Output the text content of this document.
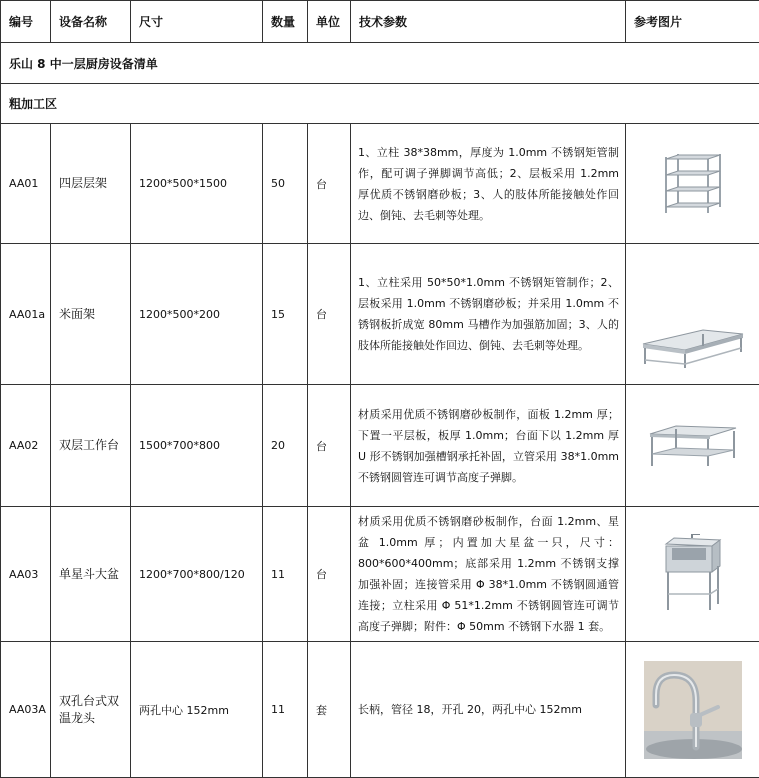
编号	设备名称	尺寸	数量	单位	技术参数	参考图片
乐山 8 中一层厨房设备清单						
粗加工区						
AA01	四层层架	1200*500*1500	50	台	1、立柱 38*38mm，厚度为 1.0mm 不锈钢矩管制作，配可调子弹脚调节高低；2、层板采用 1.2mm 厚优质不锈钢磨砂板；3、人的肢体所能接触处作回边、倒钝、去毛刺等处理。	

AA01a	米面架	1200*500*200	15	台	1、立柱采用 50*50*1.0mm 不锈钢矩管制作；2、层板采用 1.0mm 不锈钢磨砂板；并采用 1.0mm 不锈钢板折成宽 80mm 马槽作为加强筋加固；3、人的肢体所能接触处作回边、倒钝、去毛刺等处理。	

AA02	双层工作台	1500*700*800	20	台	材质采用优质不锈钢磨砂板制作，面板 1.2mm 厚；下置一平层板，板厚 1.0mm；台面下以 1.2mm 厚 U 形不锈钢加强槽钢承托补固，立管采用 38*1.0mm 不锈钢圆管连可调节高度子弹脚。	

AA03	单星斗大盆	1200*700*800/120	11	台	材质采用优质不锈钢磨砂板制作，台面 1.2mm、星盆 1.0mm 厚；内置加大星盆一只，尺寸：800*600*400mm；底部采用 1.2mm 不锈钢支撑加强补固；连接管采用 Φ 38*1.0mm 不锈钢圆通管连接；立柱采用 Φ 51*1.2mm 不锈钢圆管连可调节高度子弹脚；附件：Φ 50mm 不锈钢下水器 1 套。	

AA03A	双孔台式双温龙头	两孔中心 152mm	11	套	长柄，管径 18，开孔 20，两孔中心 152mm	
